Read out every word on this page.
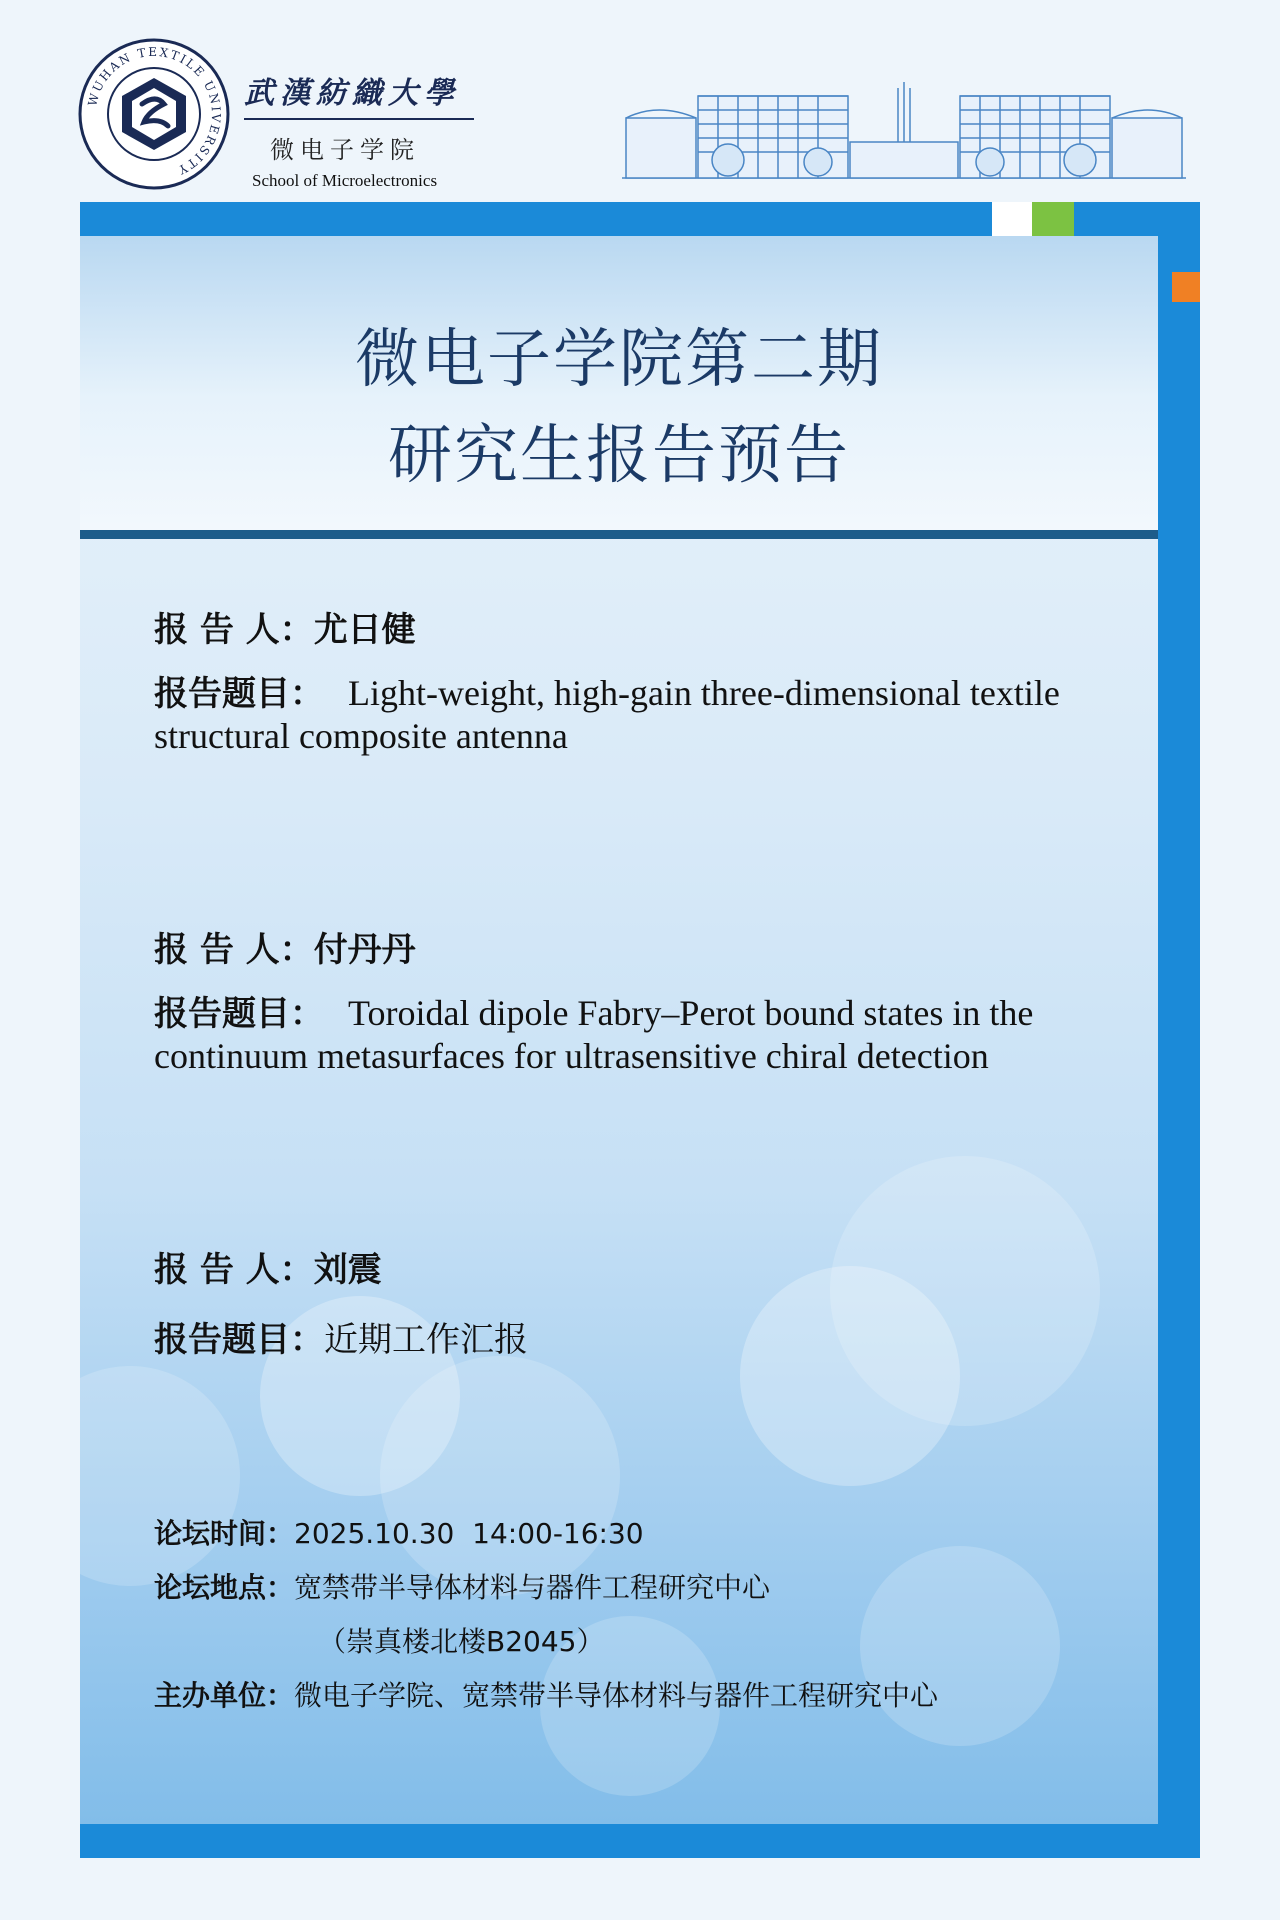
WUHAN TEXTILE UNIVERSITY
武漢紡織大學
微电子学院
School of Microelectronics
微电子学院第二期
研究生报告预告
报 告 人：尤日健
报告题目： Light-weight, high-gain three-dimensional textile structural composite antenna
报 告 人：付丹丹
报告题目： Toroidal dipole Fabry–Perot bound states in the continuum metasurfaces for ultrasensitive chiral detection
报 告 人：刘震
报告题目：近期工作汇报
论坛时间：2025.10.30  14:00-16:30
论坛地点：宽禁带半导体材料与器件工程研究中心
（崇真楼北楼B2045）
主办单位：微电子学院、宽禁带半导体材料与器件工程研究中心
